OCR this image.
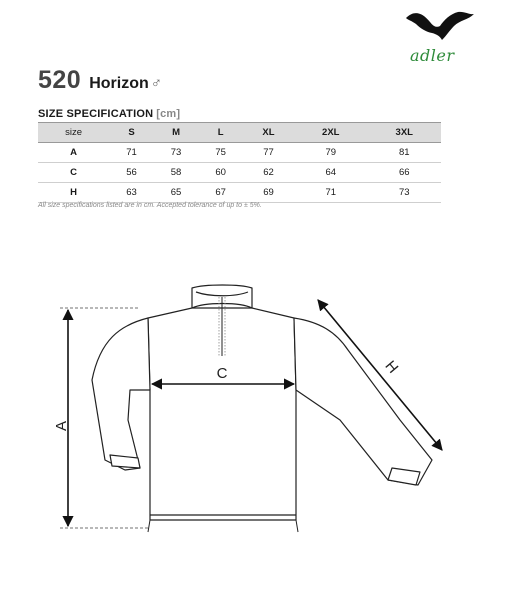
adler
520 Horizon ♂
SIZE SPECIFICATION [cm]
size	S	M	L	XL	2XL	3XL
A	71	73	75	77	79	81
C	56	58	60	62	64	66
H	63	65	67	69	71	73
All size specifications listed are in cm. Accepted tolerance of up to ± 5%.
A
C	H
